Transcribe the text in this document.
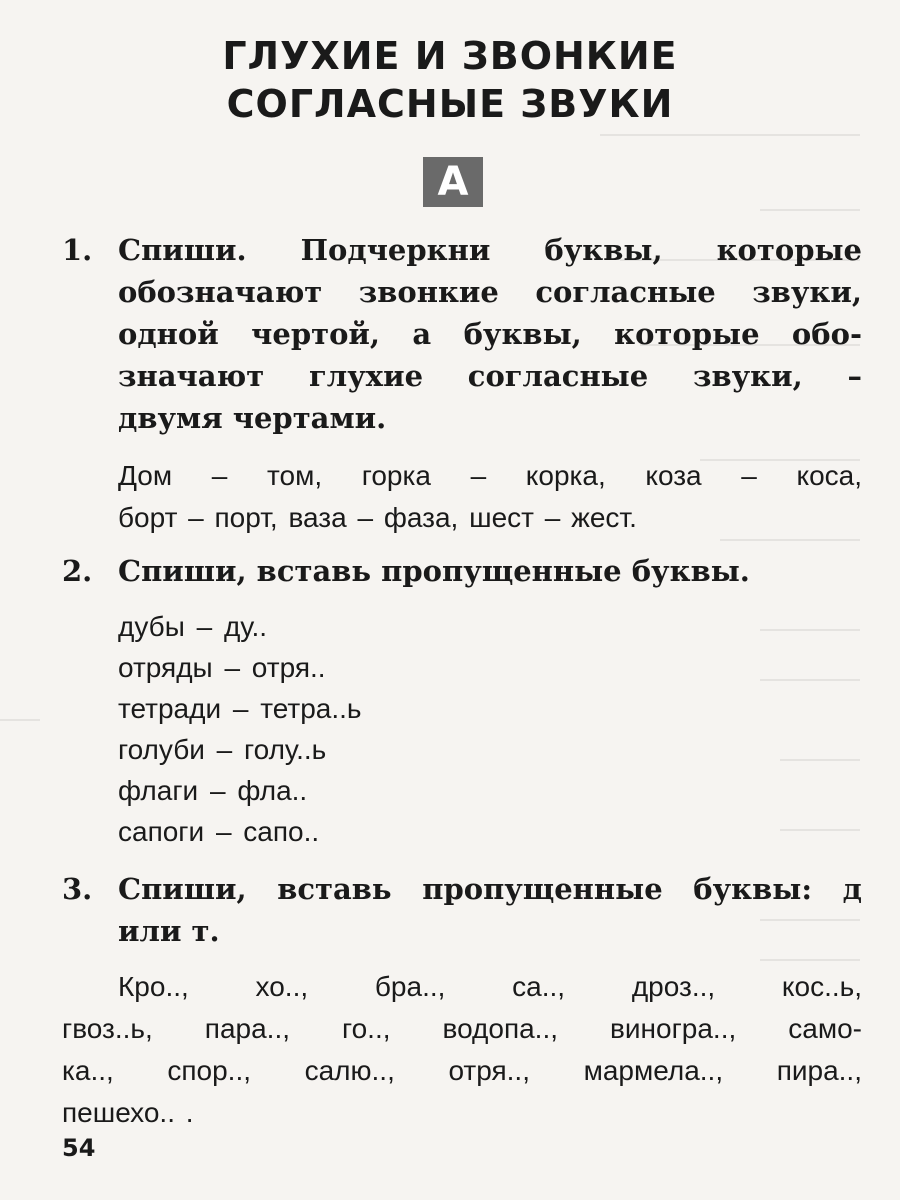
ГЛУХИЕ И ЗВОНКИЕ
СОГЛАСНЫЕ ЗВУКИ
А
1. Спиши. Подчеркни буквы, которые
обозначают звонкие согласные звуки,
одной чертой, а буквы, которые обо-
значают глухие согласные звуки, –
двумя чертами.
Дом – том, горка – корка, коза – коса,
борт – порт, ваза – фаза, шест – жест.
2. Спиши, вставь пропущенные буквы.
дубы – ду..
отряды – отря..
тетради – тетра..ь
голуби – голу..ь
флаги – фла..
сапоги – сапо..
3. Спиши, вставь пропущенные буквы: д
или т.
Кро.., хо.., бра.., са.., дроз.., кос..ь,
гвоз..ь, пара.., го.., водопа.., виногра.., само-
ка.., спор.., салю.., отря.., мармела.., пира..,
пешехо.. .
54
